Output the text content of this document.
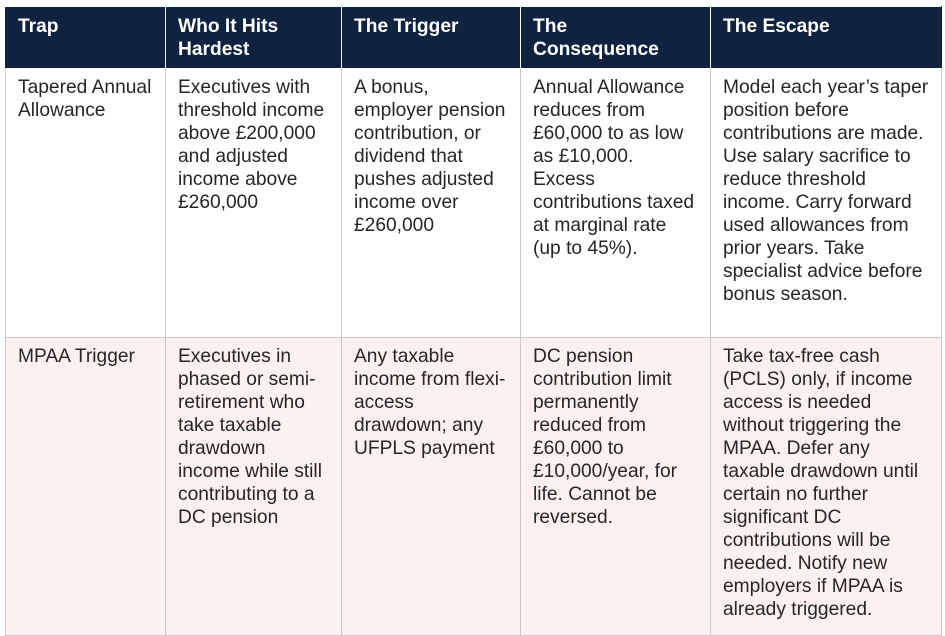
Trap	Who It Hits Hardest	The Trigger	The Consequence	The Escape
Tapered Annual Allowance	Executives with threshold income above £200,000 and adjusted income above £260,000	A bonus, employer pension contribution, or dividend that pushes adjusted income over £260,000	Annual Allowance reduces from £60,000 to as low as £10,000. Excess contributions taxed at marginal rate (up to 45%).	Model each year’s taper position before contributions are made. Use salary sacrifice to reduce threshold income. Carry forward used allowances from prior years. Take specialist advice before bonus season.
MPAA Trigger	Executives in phased or semi-retirement who take taxable drawdown income while still contributing to a DC pension	Any taxable income from flexi-access drawdown; any UFPLS payment	DC pension contribution limit permanently reduced from £60,000 to £10,000/year, for life. Cannot be reversed.	Take tax-free cash (PCLS) only, if income access is needed without triggering the MPAA. Defer any taxable drawdown until certain no further significant DC contributions will be needed. Notify new employers if MPAA is already triggered.
